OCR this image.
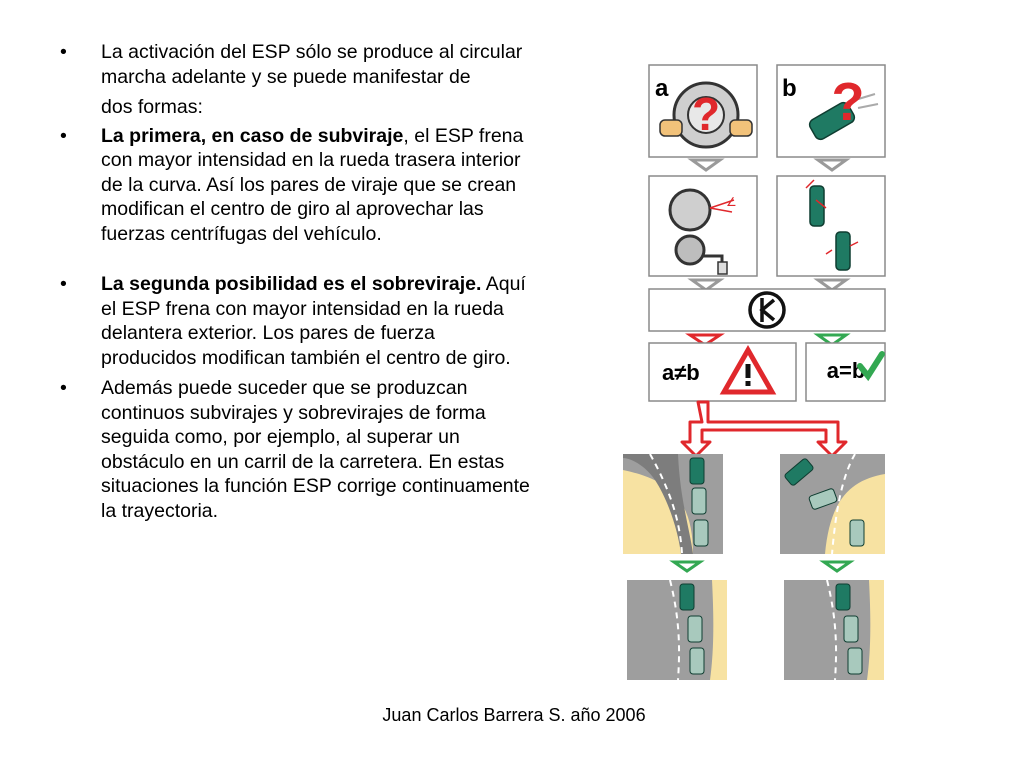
• La activación del ESP sólo se produce al circular marcha adelante y se puede manifestar de
dos formas:
• La primera, en caso de subviraje, el ESP frena con mayor intensidad en la rueda trasera interior de la curva. Así los pares de viraje que se crean modifican el centro de giro al aprovechar las fuerzas centrífugas del vehículo.
• La segunda posibilidad es el sobreviraje. Aquí el ESP frena con mayor intensidad en la rueda delantera exterior. Los pares de fuerza producidos modifican también el centro de giro.
• Además puede suceder que se produzcan continuos subvirajes y sobrevirajes de forma seguida como, por ejemplo, al superar un obstáculo en un carril de la carretera. En estas situaciones la función ESP corrige continuamente la trayectoria.
a ?	b ?
∠
a≠b	a=b
Juan Carlos Barrera S. año 2006
